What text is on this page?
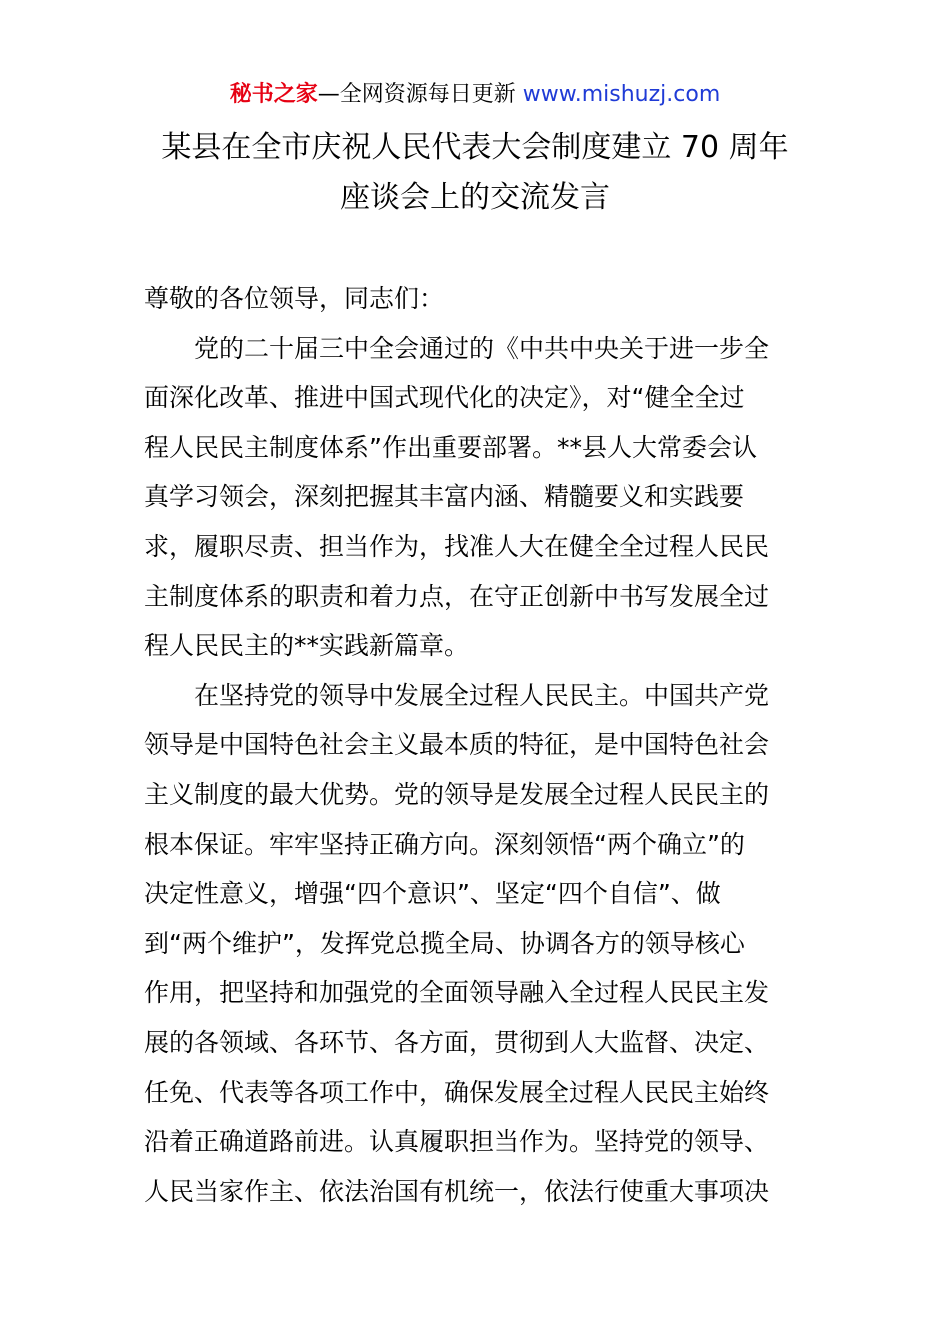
秘书之家—全网资源每日更新 www.mishuzj.com
某县在全市庆祝人民代表大会制度建立 70 周年
座谈会上的交流发言
尊敬的各位领导，同志们：
党的二十届三中全会通过的《中共中央关于进一步全
面深化改革、推进中国式现代化的决定》，对“健全全过
程人民民主制度体系”作出重要部署。**县人大常委会认
真学习领会，深刻把握其丰富内涵、精髓要义和实践要
求，履职尽责、担当作为，找准人大在健全全过程人民民
主制度体系的职责和着力点，在守正创新中书写发展全过
程人民民主的**实践新篇章。
在坚持党的领导中发展全过程人民民主。中国共产党
领导是中国特色社会主义最本质的特征，是中国特色社会
主义制度的最大优势。党的领导是发展全过程人民民主的
根本保证。牢牢坚持正确方向。深刻领悟“两个确立”的
决定性意义，增强“四个意识”、坚定“四个自信”、做
到“两个维护”，发挥党总揽全局、协调各方的领导核心
作用，把坚持和加强党的全面领导融入全过程人民民主发
展的各领域、各环节、各方面，贯彻到人大监督、决定、
任免、代表等各项工作中，确保发展全过程人民民主始终
沿着正确道路前进。认真履职担当作为。坚持党的领导、
人民当家作主、依法治国有机统一，依法行使重大事项决
